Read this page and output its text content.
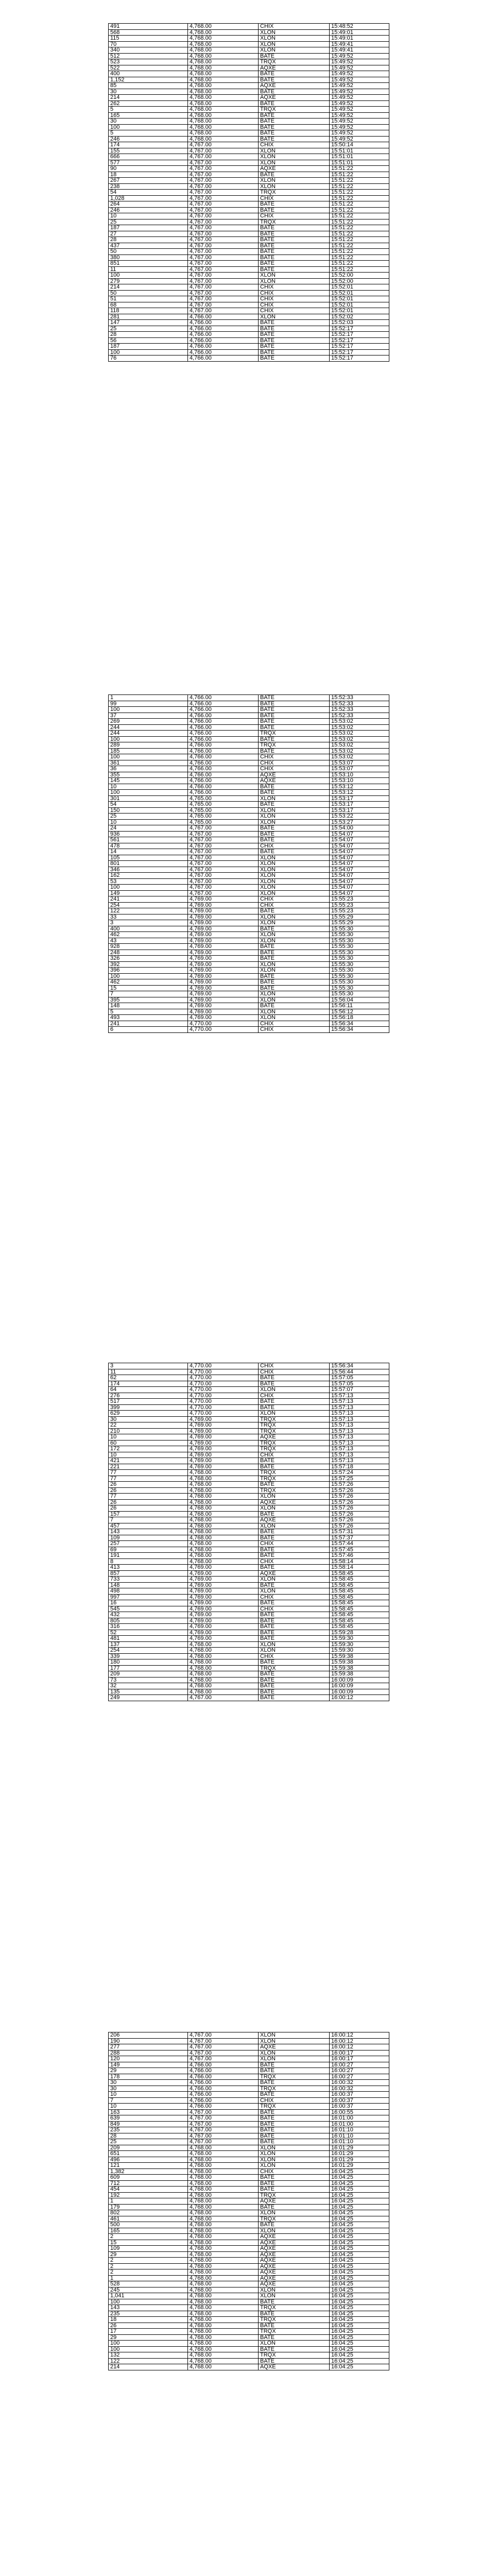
491	4,768.00	CHIX	15:48:52
568	4,768.00	XLON	15:49:01
115	4,768.00	XLON	15:49:01
70	4,768.00	XLON	15:49:41
340	4,768.00	XLON	15:49:41
512	4,768.00	BATE	15:49:52
523	4,768.00	TRQX	15:49:52
522	4,768.00	AQXE	15:49:52
400	4,768.00	BATE	15:49:52
1,152	4,768.00	BATE	15:49:52
85	4,768.00	AQXE	15:49:52
30	4,768.00	BATE	15:49:52
214	4,768.00	AQXE	15:49:52
262	4,768.00	BATE	15:49:52
5	4,768.00	TRQX	15:49:52
165	4,768.00	BATE	15:49:52
30	4,768.00	BATE	15:49:52
100	4,768.00	BATE	15:49:52
5	4,768.00	BATE	15:49:52
246	4,768.00	BATE	15:49:52
174	4,767.00	CHIX	15:50:14
155	4,767.00	XLON	15:51:01
666	4,767.00	XLON	15:51:01
577	4,767.00	XLON	15:51:01
90	4,767.00	AQXE	15:51:22
18	4,767.00	BATE	15:51:22
267	4,767.00	XLON	15:51:22
238	4,767.00	XLON	15:51:22
54	4,767.00	TRQX	15:51:22
1,028	4,767.00	CHIX	15:51:22
264	4,767.00	BATE	15:51:22
246	4,767.00	BATE	15:51:22
10	4,767.00	CHIX	15:51:22
25	4,767.00	TRQX	15:51:22
187	4,767.00	BATE	15:51:22
27	4,767.00	BATE	15:51:22
28	4,767.00	BATE	15:51:22
437	4,767.00	BATE	15:51:22
50	4,767.00	BATE	15:51:22
380	4,767.00	BATE	15:51:22
851	4,767.00	BATE	15:51:22
11	4,767.00	BATE	15:51:22
100	4,767.00	XLON	15:52:00
279	4,767.00	XLON	15:52:00
214	4,767.00	CHIX	15:52:01
50	4,767.00	CHIX	15:52:01
51	4,767.00	CHIX	15:52:01
68	4,767.00	CHIX	15:52:01
118	4,767.00	CHIX	15:52:01
281	4,766.00	XLON	15:52:02
147	4,766.00	BATE	15:52:03
25	4,766.00	BATE	15:52:17
28	4,766.00	BATE	15:52:17
56	4,766.00	BATE	15:52:17
187	4,766.00	BATE	15:52:17
100	4,766.00	BATE	15:52:17
76	4,766.00	BATE	15:52:17
1	4,766.00	BATE	15:52:33
99	4,766.00	BATE	15:52:33
100	4,766.00	BATE	15:52:33
37	4,766.00	BATE	15:52:33
269	4,766.00	BATE	15:53:02
244	4,766.00	BATE	15:53:02
244	4,766.00	TRQX	15:53:02
100	4,766.00	BATE	15:53:02
289	4,766.00	TRQX	15:53:02
185	4,766.00	BATE	15:53:02
100	4,766.00	CHIX	15:53:02
361	4,766.00	CHIX	15:53:07
36	4,766.00	CHIX	15:53:07
355	4,766.00	AQXE	15:53:10
145	4,766.00	AQXE	15:53:10
10	4,766.00	BATE	15:53:12
100	4,766.00	BATE	15:53:12
301	4,765.00	XLON	15:53:17
54	4,765.00	BATE	15:53:17
150	4,765.00	XLON	15:53:17
25	4,765.00	XLON	15:53:22
10	4,765.00	XLON	15:53:27
24	4,767.00	BATE	15:54:00
936	4,767.00	BATE	15:54:07
561	4,767.00	BATE	15:54:07
478	4,767.00	CHIX	15:54:07
14	4,767.00	BATE	15:54:07
105	4,767.00	XLON	15:54:07
801	4,767.00	XLON	15:54:07
346	4,767.00	XLON	15:54:07
162	4,767.00	XLON	15:54:07
53	4,767.00	XLON	15:54:07
100	4,767.00	XLON	15:54:07
149	4,767.00	XLON	15:54:07
241	4,769.00	CHIX	15:55:23
254	4,769.00	CHIX	15:55:23
122	4,769.00	BATE	15:55:23
33	4,769.00	XLON	15:55:29
3	4,769.00	XLON	15:55:29
400	4,769.00	BATE	15:55:30
462	4,769.00	XLON	15:55:30
43	4,769.00	XLON	15:55:30
928	4,769.00	BATE	15:55:30
248	4,769.00	BATE	15:55:30
326	4,769.00	BATE	15:55:30
392	4,769.00	XLON	15:55:30
396	4,769.00	XLON	15:55:30
100	4,769.00	BATE	15:55:30
462	4,769.00	BATE	15:55:30
15	4,769.00	BATE	15:55:30
7	4,769.00	XLON	15:55:30
395	4,769.00	XLON	15:56:04
148	4,769.00	BATE	15:56:11
5	4,769.00	XLON	15:56:12
493	4,769.00	XLON	15:56:18
241	4,770.00	CHIX	15:56:34
6	4,770.00	CHIX	15:56:34
3	4,770.00	CHIX	15:56:34
11	4,770.00	CHIX	15:56:44
62	4,770.00	BATE	15:57:05
174	4,770.00	BATE	15:57:05
64	4,770.00	XLON	15:57:07
276	4,770.00	CHIX	15:57:13
517	4,770.00	BATE	15:57:13
399	4,770.00	BATE	15:57:13
629	4,770.00	XLON	15:57:13
30	4,769.00	TRQX	15:57:13
22	4,769.00	TRQX	15:57:13
210	4,769.00	TRQX	15:57:13
10	4,769.00	AQXE	15:57:13
60	4,769.00	TRQX	15:57:13
172	4,769.00	TRQX	15:57:13
10	4,769.00	CHIX	15:57:13
421	4,769.00	BATE	15:57:13
221	4,769.00	BATE	15:57:18
77	4,768.00	TRQX	15:57:24
77	4,768.00	TRQX	15:57:25
26	4,768.00	BATE	15:57:26
26	4,768.00	TRQX	15:57:26
77	4,768.00	XLON	15:57:26
26	4,768.00	AQXE	15:57:26
26	4,768.00	XLON	15:57:26
157	4,768.00	BATE	15:57:26
7	4,768.00	AQXE	15:57:26
457	4,768.00	XLON	15:57:26
143	4,768.00	BATE	15:57:31
109	4,768.00	BATE	15:57:37
257	4,768.00	CHIX	15:57:44
69	4,768.00	BATE	15:57:45
191	4,768.00	BATE	15:57:46
8	4,768.00	CHIX	15:58:14
413	4,769.00	BATE	15:58:14
857	4,769.00	AQXE	15:58:45
733	4,769.00	XLON	15:58:45
148	4,769.00	BATE	15:58:45
498	4,769.00	XLON	15:58:45
997	4,769.00	CHIX	15:58:45
16	4,769.00	BATE	15:58:45
545	4,769.00	CHIX	15:58:45
432	4,769.00	BATE	15:58:45
805	4,769.00	BATE	15:58:45
316	4,769.00	BATE	15:58:45
52	4,769.00	BATE	15:59:28
481	4,769.00	BATE	15:59:30
137	4,768.00	XLON	15:59:30
254	4,768.00	XLON	15:59:30
339	4,768.00	CHIX	15:59:38
180	4,768.00	BATE	15:59:38
177	4,768.00	TRQX	15:59:38
209	4,768.00	BATE	15:59:38
73	4,768.00	BATE	16:00:09
32	4,768.00	BATE	16:00:09
135	4,768.00	BATE	16:00:09
249	4,767.00	BATE	16:00:12
206	4,767.00	XLON	16:00:12
190	4,767.00	XLON	16:00:12
277	4,767.00	AQXE	16:00:12
288	4,767.00	XLON	16:00:17
120	4,767.00	XLON	16:00:17
149	4,766.00	BATE	16:00:27
29	4,766.00	BATE	16:00:27
178	4,766.00	TRQX	16:00:27
30	4,766.00	BATE	16:00:32
30	4,766.00	TRQX	16:00:32
10	4,766.00	BATE	16:00:37
7	4,766.00	CHIX	16:00:37
10	4,766.00	TRQX	16:00:37
163	4,767.00	BATE	16:00:55
639	4,767.00	BATE	16:01:00
849	4,767.00	BATE	16:01:00
235	4,767.00	BATE	16:01:10
28	4,767.00	BATE	16:01:10
25	4,767.00	BATE	16:01:10
209	4,768.00	XLON	16:01:29
651	4,768.00	XLON	16:01:29
496	4,768.00	XLON	16:01:29
121	4,768.00	XLON	16:01:29
1,382	4,768.00	CHIX	16:04:25
609	4,768.00	BATE	16:04:25
712	4,768.00	BATE	16:04:25
454	4,768.00	BATE	16:04:25
192	4,768.00	TRQX	16:04:25
1	4,768.00	AQXE	16:04:25
179	4,768.00	BATE	16:04:25
802	4,768.00	XLON	16:04:25
461	4,768.00	TRQX	16:04:25
500	4,768.00	BATE	16:04:25
165	4,768.00	XLON	16:04:25
2	4,768.00	AQXE	16:04:25
15	4,768.00	AQXE	16:04:25
109	4,768.00	AQXE	16:04:25
29	4,768.00	AQXE	16:04:25
2	4,768.00	AQXE	16:04:25
2	4,768.00	AQXE	16:04:25
2	4,768.00	AQXE	16:04:25
1	4,768.00	AQXE	16:04:25
528	4,768.00	AQXE	16:04:25
245	4,768.00	XLON	16:04:25
1,041	4,768.00	XLON	16:04:25
100	4,768.00	BATE	16:04:25
143	4,768.00	TRQX	16:04:25
235	4,768.00	BATE	16:04:25
18	4,768.00	TRQX	16:04:25
26	4,768.00	BATE	16:04:25
17	4,768.00	TRQX	16:04:25
29	4,768.00	BATE	16:04:25
100	4,768.00	XLON	16:04:25
100	4,768.00	BATE	16:04:25
132	4,768.00	TRQX	16:04:25
122	4,768.00	BATE	16:04:25
214	4,768.00	AQXE	16:04:25
